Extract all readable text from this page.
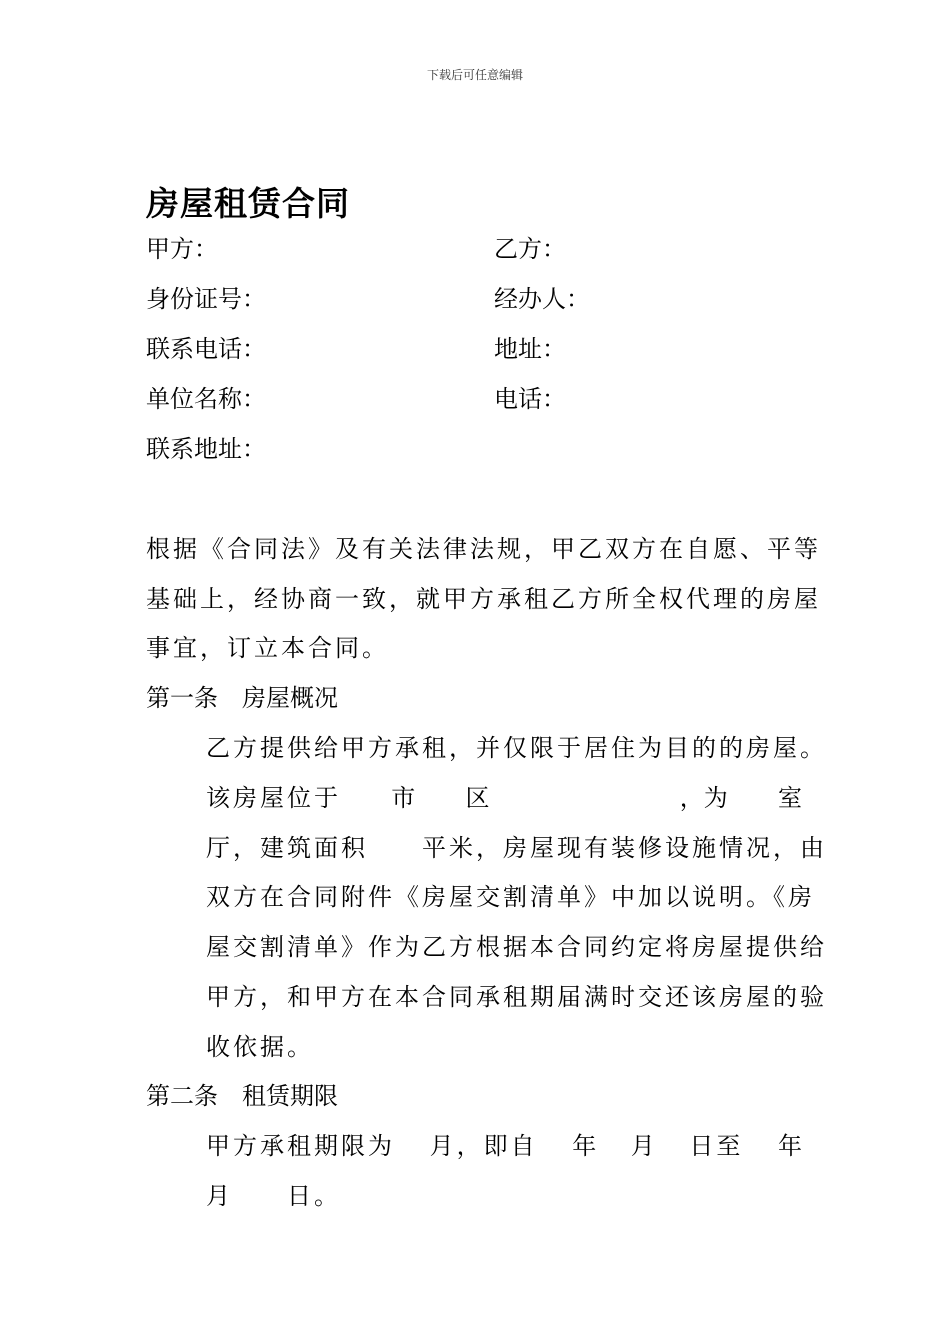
下载后可任意编辑
房屋租赁合同
甲方：	乙方：
身份证号：	经办人：
联系电话：	地址：
单位名称：	电话：
联系地址：
根据《合同法》及有关法律法规，甲乙双方在自愿、平等
基础上，经协商一致，就甲方承租乙方所全权代理的房屋
事宜，订立本合同。
第一条　房屋概况
乙方提供给甲方承租，并仅限于居住为目的的房屋。
该房屋位于 市 区	，为 室
厅，建筑面积　　平米，房屋现有装修设施情况，由
双方在合同附件《房屋交割清单》中加以说明。《房
屋交割清单》作为乙方根据本合同约定将房屋提供给
甲方，和甲方在本合同承租期届满时交还该房屋的验
收依据。
第二条　租赁期限
甲方承租期限为 月，即自 年 月 日至 年
月　　日。
